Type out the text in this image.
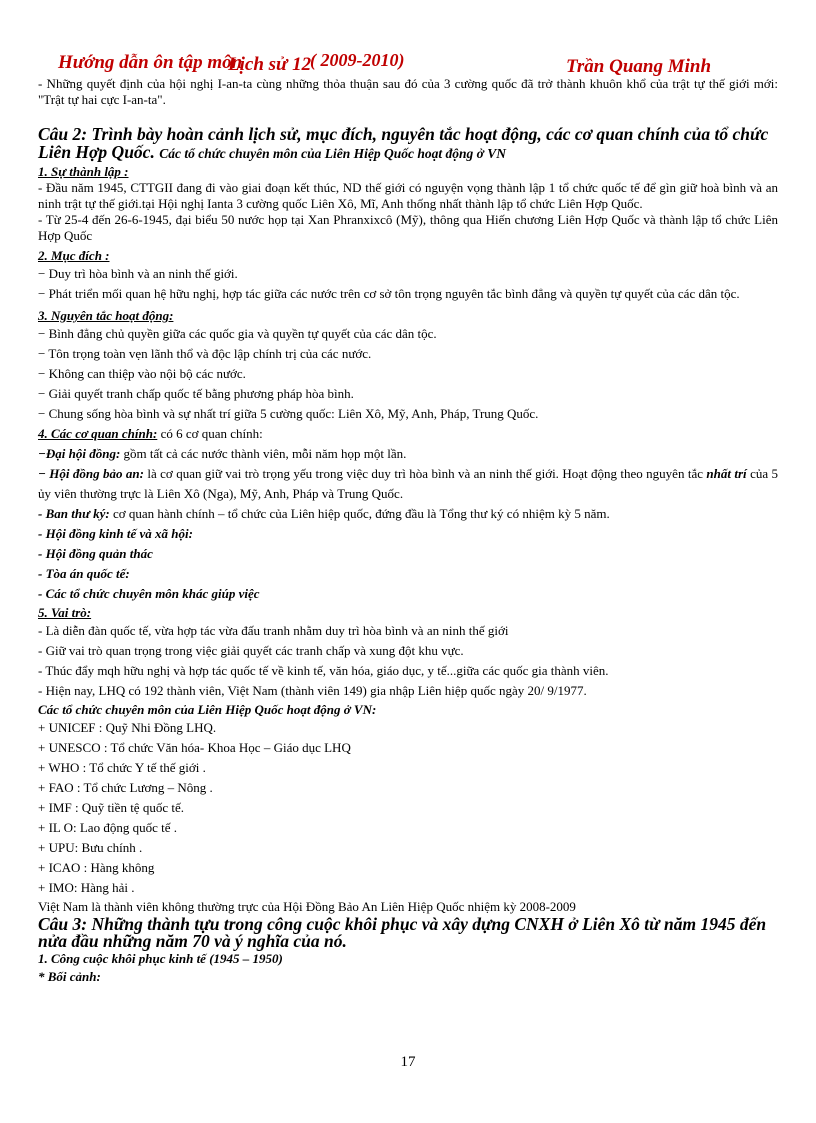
Hướng dẫn ôn tập môn
Lịch sử 12
( 2009-2010)	Trần Quang Minh

- Những quyết định của hội nghị I-an-ta cùng những thỏa thuận sau đó của 3 cường quốc đã trở thành khuôn khổ của trật tự thế giới mới: "Trật tự hai cực I-an-ta".

Câu 2: Trình bày hoàn cảnh lịch sử, mục đích, nguyên tắc hoạt động, các cơ quan chính của tổ chức Liên Hợp Quốc. Các tổ chức chuyên môn của Liên Hiệp Quốc hoạt động ở VN

1. Sự thành lập :

- Đầu năm 1945, CTTGII đang đi vào giai đoạn kết thúc, ND thế giới có nguyện vọng thành lập 1 tổ chức quốc tế để gìn giữ hoà bình và an ninh trật tự thế giới.tại Hội nghị Ianta 3 cường quốc Liên Xô, Mĩ, Anh thống nhất thành lập tổ chức Liên Hợp Quốc.

- Từ 25-4 đến 26-6-1945, đại biểu 50 nước họp tại Xan Phranxixcô (Mỹ), thông qua Hiến chương Liên Hợp Quốc và thành lập tổ chức Liên Hợp Quốc

2. Mục đích :

− Duy trì hòa bình và an ninh thế giới.

− Phát triển mối quan hệ hữu nghị, hợp tác giữa các nước trên cơ sở tôn trọng nguyên tắc bình đẳng và quyền tự quyết của các dân tộc.

3. Nguyên tắc hoạt động:

− Bình đẳng chủ quyền giữa các quốc gia và quyền tự quyết của các dân tộc.

− Tôn trọng toàn vẹn lãnh thổ và độc lập chính trị của các nước.

− Không can thiệp vào nội bộ các nước.

− Giải quyết tranh chấp quốc tế bằng phương pháp hòa bình.

− Chung sống hòa bình và sự nhất trí giữa 5 cường quốc: Liên Xô, Mỹ, Anh, Pháp, Trung Quốc.

4. Các cơ quan chính: có 6 cơ quan chính:

−Đại hội đồng: gồm tất cả các nước thành viên, mỗi năm họp một lần.

− Hội đồng bảo an: là cơ quan giữ vai trò trọng yếu trong việc duy trì hòa bình và an ninh thế giới. Hoạt động theo nguyên tắc nhất trí của 5 ủy viên thường trực là Liên Xô (Nga), Mỹ, Anh, Pháp và Trung Quốc.

- Ban thư ký: cơ quan hành chính – tổ chức của Liên hiệp quốc, đứng đầu là Tổng thư ký có nhiệm kỳ 5 năm.

- Hội đồng kinh tế và xã hội:

- Hội đồng quản thác

- Tòa án quốc tế:

- Các tổ chức chuyên môn khác giúp việc

5. Vai trò:

- Là diễn đàn quốc tế, vừa hợp tác vừa đấu tranh nhằm duy trì hòa bình và an ninh thế giới

- Giữ vai trò quan trọng trong việc giải quyết các tranh chấp và xung đột khu vực.

- Thúc đẩy mqh hữu nghị và hợp tác quốc tế về kinh tế, văn hóa, giáo dục, y tế...giữa các quốc gia thành viên.

- Hiện nay, LHQ có 192 thành viên, Việt Nam (thành viên 149) gia nhập Liên hiệp quốc ngày 20/ 9/1977.

Các tổ chức chuyên môn của Liên Hiệp Quốc hoạt động ở VN:

+ UNICEF : Quỹ Nhi Đồng LHQ.

+ UNESCO : Tổ chức Văn hóa- Khoa Học – Giáo dục LHQ

+ WHO : Tổ chức Y tế thế giới .

+ FAO : Tổ chức Lương – Nông .

+ IMF : Quỹ tiền tệ quốc tế.

+ IL O: Lao động quốc tế .

+ UPU: Bưu chính .

+ ICAO : Hàng không

+ IMO: Hàng hải .

Việt Nam là thành viên không thường trực của Hội Đồng Bảo An Liên Hiệp Quốc nhiệm kỳ 2008-2009

Câu 3: Những thành tựu trong công cuộc khôi phục và xây dựng CNXH ở Liên Xô từ năm 1945 đến nửa đầu những năm 70 và ý nghĩa của nó.

1. Công cuộc khôi phục kinh tế (1945 – 1950)

* Bối cảnh:

17
